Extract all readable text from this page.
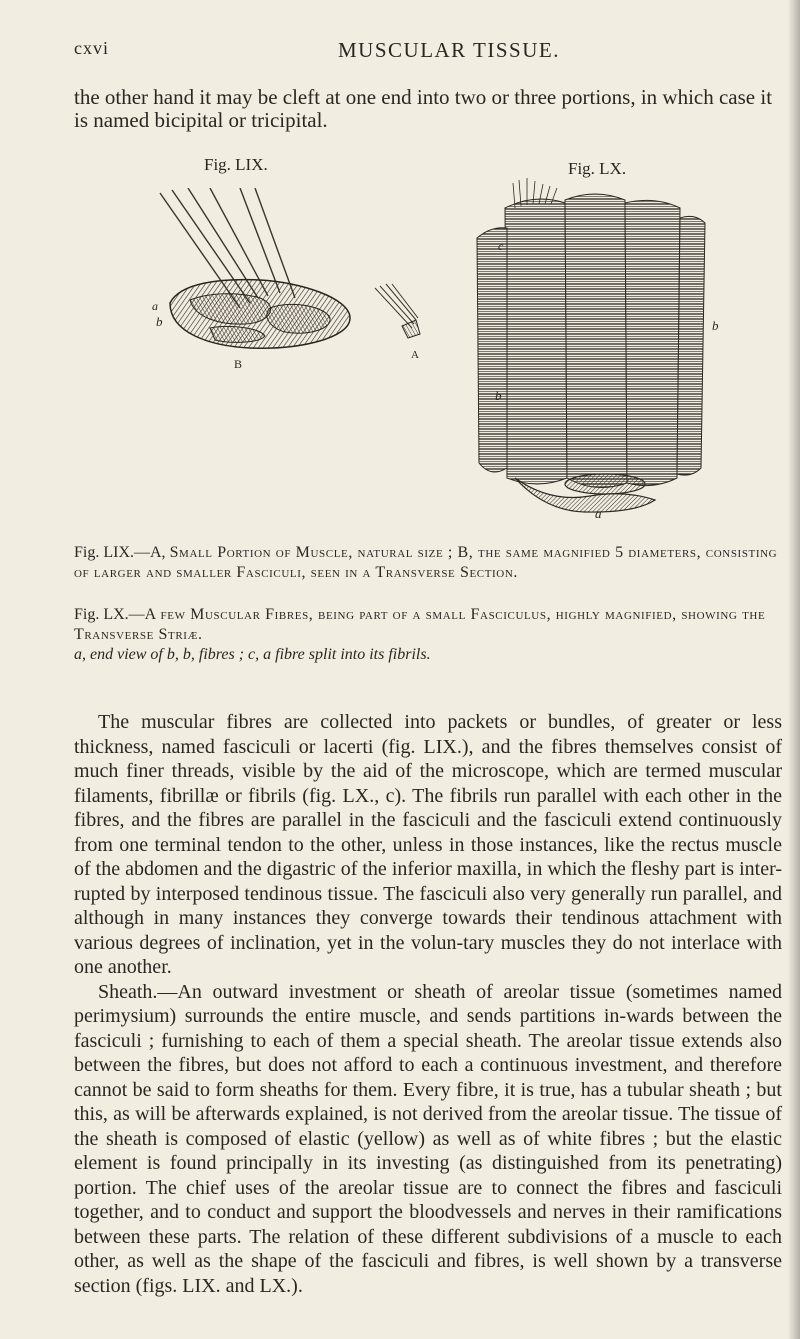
cxvi	MUSCULAR TISSUE.
the other hand it may be cleft at one end into two or three portions, in which case it is named bicipital or tricipital.
Fig. LIX.	Fig. LX.
a
b
B
A
c
b
b
a
Fig. LIX.—A, Small Portion of Muscle, natural size ; B, the same magnified 5 diameters, consisting of larger and smaller Fasciculi, seen in a Transverse Section.
Fig. LX.—A few Muscular Fibres, being part of a small Fasciculus, highly magnified, showing the Transverse Striæ.
a, end view of b, b, fibres ; c, a fibre split into its fibrils.

The muscular fibres are collected into packets or bundles, of greater or less thickness, named fasciculi or lacerti (fig. LIX.), and the fibres themselves consist of much finer threads, visible by the aid of the microscope, which are termed muscular filaments, fibrillæ or fibrils (fig. LX., c). The fibrils run parallel with each other in the fibres, and the fibres are parallel in the fasciculi and the fasciculi extend continuously from one terminal tendon to the other, unless in those instances, like the rectus muscle of the abdomen and the digastric of the inferior maxilla, in which the fleshy part is inter-rupted by interposed tendinous tissue. The fasciculi also very generally run parallel, and although in many instances they converge towards their tendinous attachment with various degrees of inclination, yet in the volun-tary muscles they do not interlace with one another.

Sheath.—An outward investment or sheath of areolar tissue (sometimes named perimysium) surrounds the entire muscle, and sends partitions in-wards between the fasciculi ; furnishing to each of them a special sheath. The areolar tissue extends also between the fibres, but does not afford to each a continuous investment, and therefore cannot be said to form sheaths for them. Every fibre, it is true, has a tubular sheath ; but this, as will be afterwards explained, is not derived from the areolar tissue. The tissue of the sheath is composed of elastic (yellow) as well as of white fibres ; but the elastic element is found principally in its investing (as distinguished from its penetrating) portion. The chief uses of the areolar tissue are to connect the fibres and fasciculi together, and to conduct and support the bloodvessels and nerves in their ramifications between these parts. The relation of these different subdivisions of a muscle to each other, as well as the shape of the fasciculi and fibres, is well shown by a transverse section (figs. LIX. and LX.).
